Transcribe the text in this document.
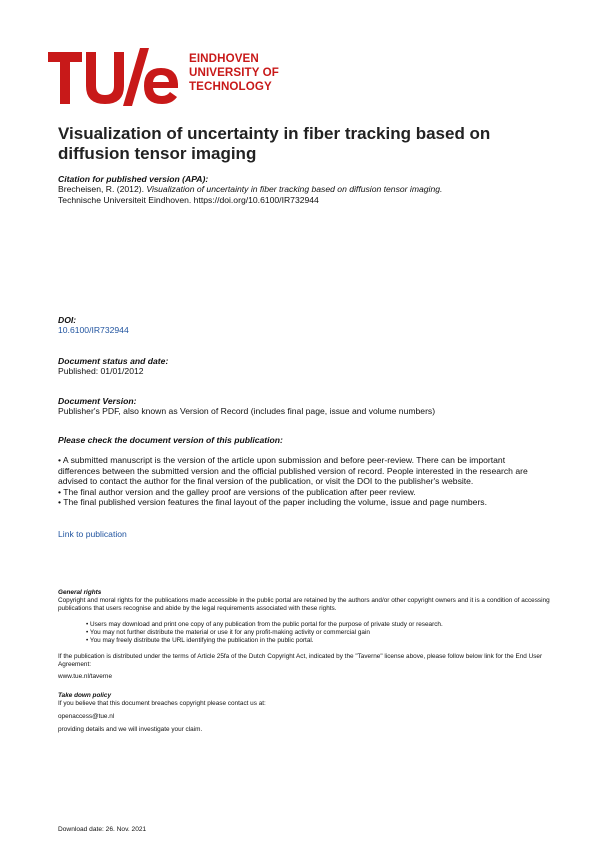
EINDHOVEN
UNIVERSITY OF
TECHNOLOGY
Visualization of uncertainty in fiber tracking based on diffusion tensor imaging
Citation for published version (APA):
Brecheisen, R. (2012). Visualization of uncertainty in fiber tracking based on diffusion tensor imaging.
Technische Universiteit Eindhoven. https://doi.org/10.6100/IR732944
DOI:
10.6100/IR732944
Document status and date:
Published: 01/01/2012
Document Version:
Publisher's PDF, also known as Version of Record (includes final page, issue and volume numbers)
Please check the document version of this publication:
• A submitted manuscript is the version of the article upon submission and before peer-review. There can be important differences between the submitted version and the official published version of record. People interested in the research are advised to contact the author for the final version of the publication, or visit the DOI to the publisher's website.
• The final author version and the galley proof are versions of the publication after peer review.
• The final published version features the final layout of the paper including the volume, issue and page numbers.
Link to publication
General rights
Copyright and moral rights for the publications made accessible in the public portal are retained by the authors and/or other copyright owners and it is a condition of accessing publications that users recognise and abide by the legal requirements associated with these rights.
• Users may download and print one copy of any publication from the public portal for the purpose of private study or research.
• You may not further distribute the material or use it for any profit-making activity or commercial gain
• You may freely distribute the URL identifying the publication in the public portal.
If the publication is distributed under the terms of Article 25fa of the Dutch Copyright Act, indicated by the "Taverne" license above, please follow below link for the End User Agreement:
www.tue.nl/taverne
Take down policy
If you believe that this document breaches copyright please contact us at:
openaccess@tue.nl
providing details and we will investigate your claim.
Download date: 26. Nov. 2021
